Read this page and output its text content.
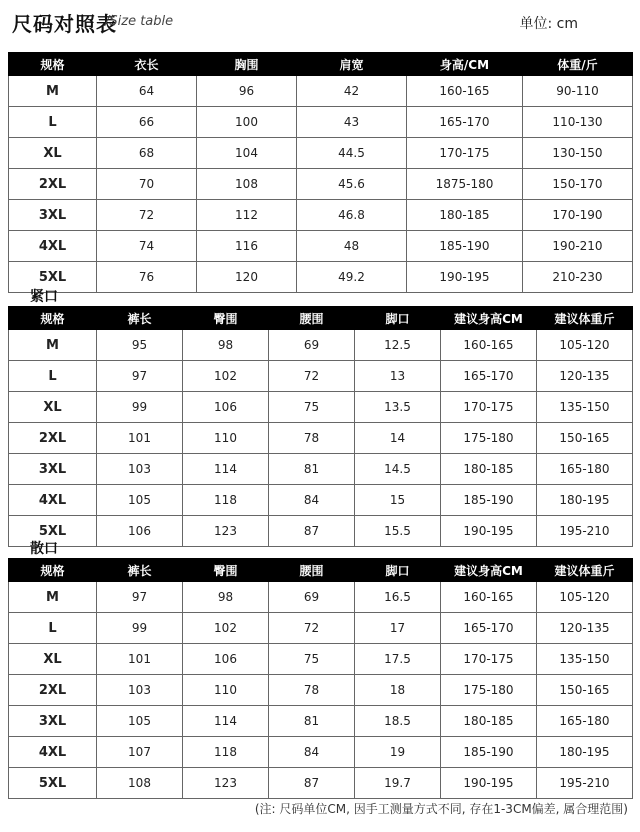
尺码对照表
/Size table	单位: cm
规格	衣长	胸围	肩宽	身高/CM	体重/斤
M	64	96	42	160-165	90-110
L	66	100	43	165-170	110-130
XL	68	104	44.5	170-175	130-150
2XL	70	108	45.6	1875-180	150-170
3XL	72	112	46.8	180-185	170-190
4XL	74	116	48	185-190	190-210
5XL	76	120	49.2	190-195	210-230
紧口
规格	裤长	臀围	腰围	脚口	建议身高CM	建议体重斤
M	95	98	69	12.5	160-165	105-120
L	97	102	72	13	165-170	120-135
XL	99	106	75	13.5	170-175	135-150
2XL	101	110	78	14	175-180	150-165
3XL	103	114	81	14.5	180-185	165-180
4XL	105	118	84	15	185-190	180-195
5XL	106	123	87	15.5	190-195	195-210
散口
规格	裤长	臀围	腰围	脚口	建议身高CM	建议体重斤
M	97	98	69	16.5	160-165	105-120
L	99	102	72	17	165-170	120-135
XL	101	106	75	17.5	170-175	135-150
2XL	103	110	78	18	175-180	150-165
3XL	105	114	81	18.5	180-185	165-180
4XL	107	118	84	19	185-190	180-195
5XL	108	123	87	19.7	190-195	195-210
(注: 尺码单位CM, 因手工测量方式不同, 存在1-3CM偏差, 属合理范围)
